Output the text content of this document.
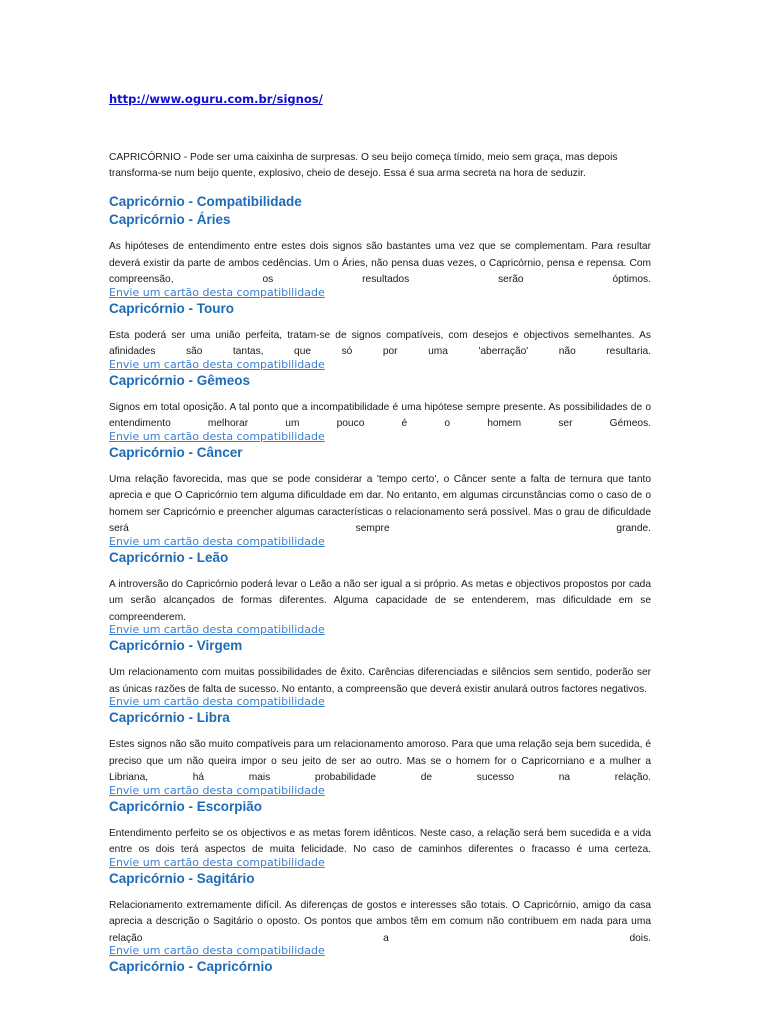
http://www.oguru.com.br/signos/
CAPRICÓRNIO - Pode ser uma caixinha de surpresas. O seu beijo começa tímido, meio sem graça, mas depois transforma-se num beijo quente, explosivo, cheio de desejo. Essa é sua arma secreta na hora de seduzir.
Capricórnio - Compatibilidade
Capricórnio - Áries
As hipóteses de entendimento entre estes dois signos são bastantes uma vez que se complementam. Para resultar deverá existir da parte de ambos cedências. Um o Áries, não pensa duas vezes, o Capricórnio, pensa e repensa. Com compreensão, os resultados serão óptimos.
Envie um cartão desta compatibilidade
Capricórnio - Touro
Esta poderá ser uma união perfeita, tratam-se de signos compatíveis, com desejos e objectivos semelhantes. As afinidades são tantas, que só por uma 'aberração' não resultaria.
Envie um cartão desta compatibilidade
Capricórnio - Gêmeos
Signos em total oposição. A tal ponto que a incompatibilidade é uma hipótese sempre presente. As possibilidades de o entendimento melhorar um pouco é o homem ser Gémeos.
Envie um cartão desta compatibilidade
Capricórnio - Câncer
Uma relação favorecida, mas que se pode considerar a 'tempo certo', o Câncer sente a falta de ternura que tanto aprecia e que O Capricórnio tem alguma dificuldade em dar. No entanto, em algumas circunstâncias como o caso de o homem ser Capricórnio e preencher algumas características o relacionamento será possível. Mas o grau de dificuldade será sempre grande.
Envie um cartão desta compatibilidade
Capricórnio - Leão
A introversão do Capricórnio poderá levar o Leão a não ser igual a si próprio. As metas e objectivos propostos por cada um serão alcançados de formas diferentes. Alguma capacidade de se entenderem, mas dificuldade em se compreenderem.
Envie um cartão desta compatibilidade
Capricórnio - Virgem
Um relacionamento com muitas possibilidades de êxito. Carências diferenciadas e silêncios sem sentido, poderão ser as únicas razões de falta de sucesso. No entanto, a compreensão que deverá existir anulará outros factores negativos.
Envie um cartão desta compatibilidade
Capricórnio - Libra
Estes signos não são muito compatíveis para um relacionamento amoroso. Para que uma relação seja bem sucedida, é preciso que um não queira impor o seu jeito de ser ao outro. Mas se o homem for o Capricorniano e a mulher a Libriana, há mais probabilidade de sucesso na relação.
Envie um cartão desta compatibilidade
Capricórnio - Escorpião
Entendimento perfeito se os objectivos e as metas forem idênticos. Neste caso, a relação será bem sucedida e a vida entre os dois terá aspectos de muita felicidade. No caso de caminhos diferentes o fracasso é uma certeza.
Envie um cartão desta compatibilidade
Capricórnio - Sagitário
Relacionamento extremamente difícil. As diferenças de gostos e interesses são totais. O Capricórnio, amigo da casa aprecia a descrição o Sagitário o oposto. Os pontos que ambos têm em comum não contribuem em nada para uma relação a dois.
Envie um cartão desta compatibilidade
Capricórnio - Capricórnio
